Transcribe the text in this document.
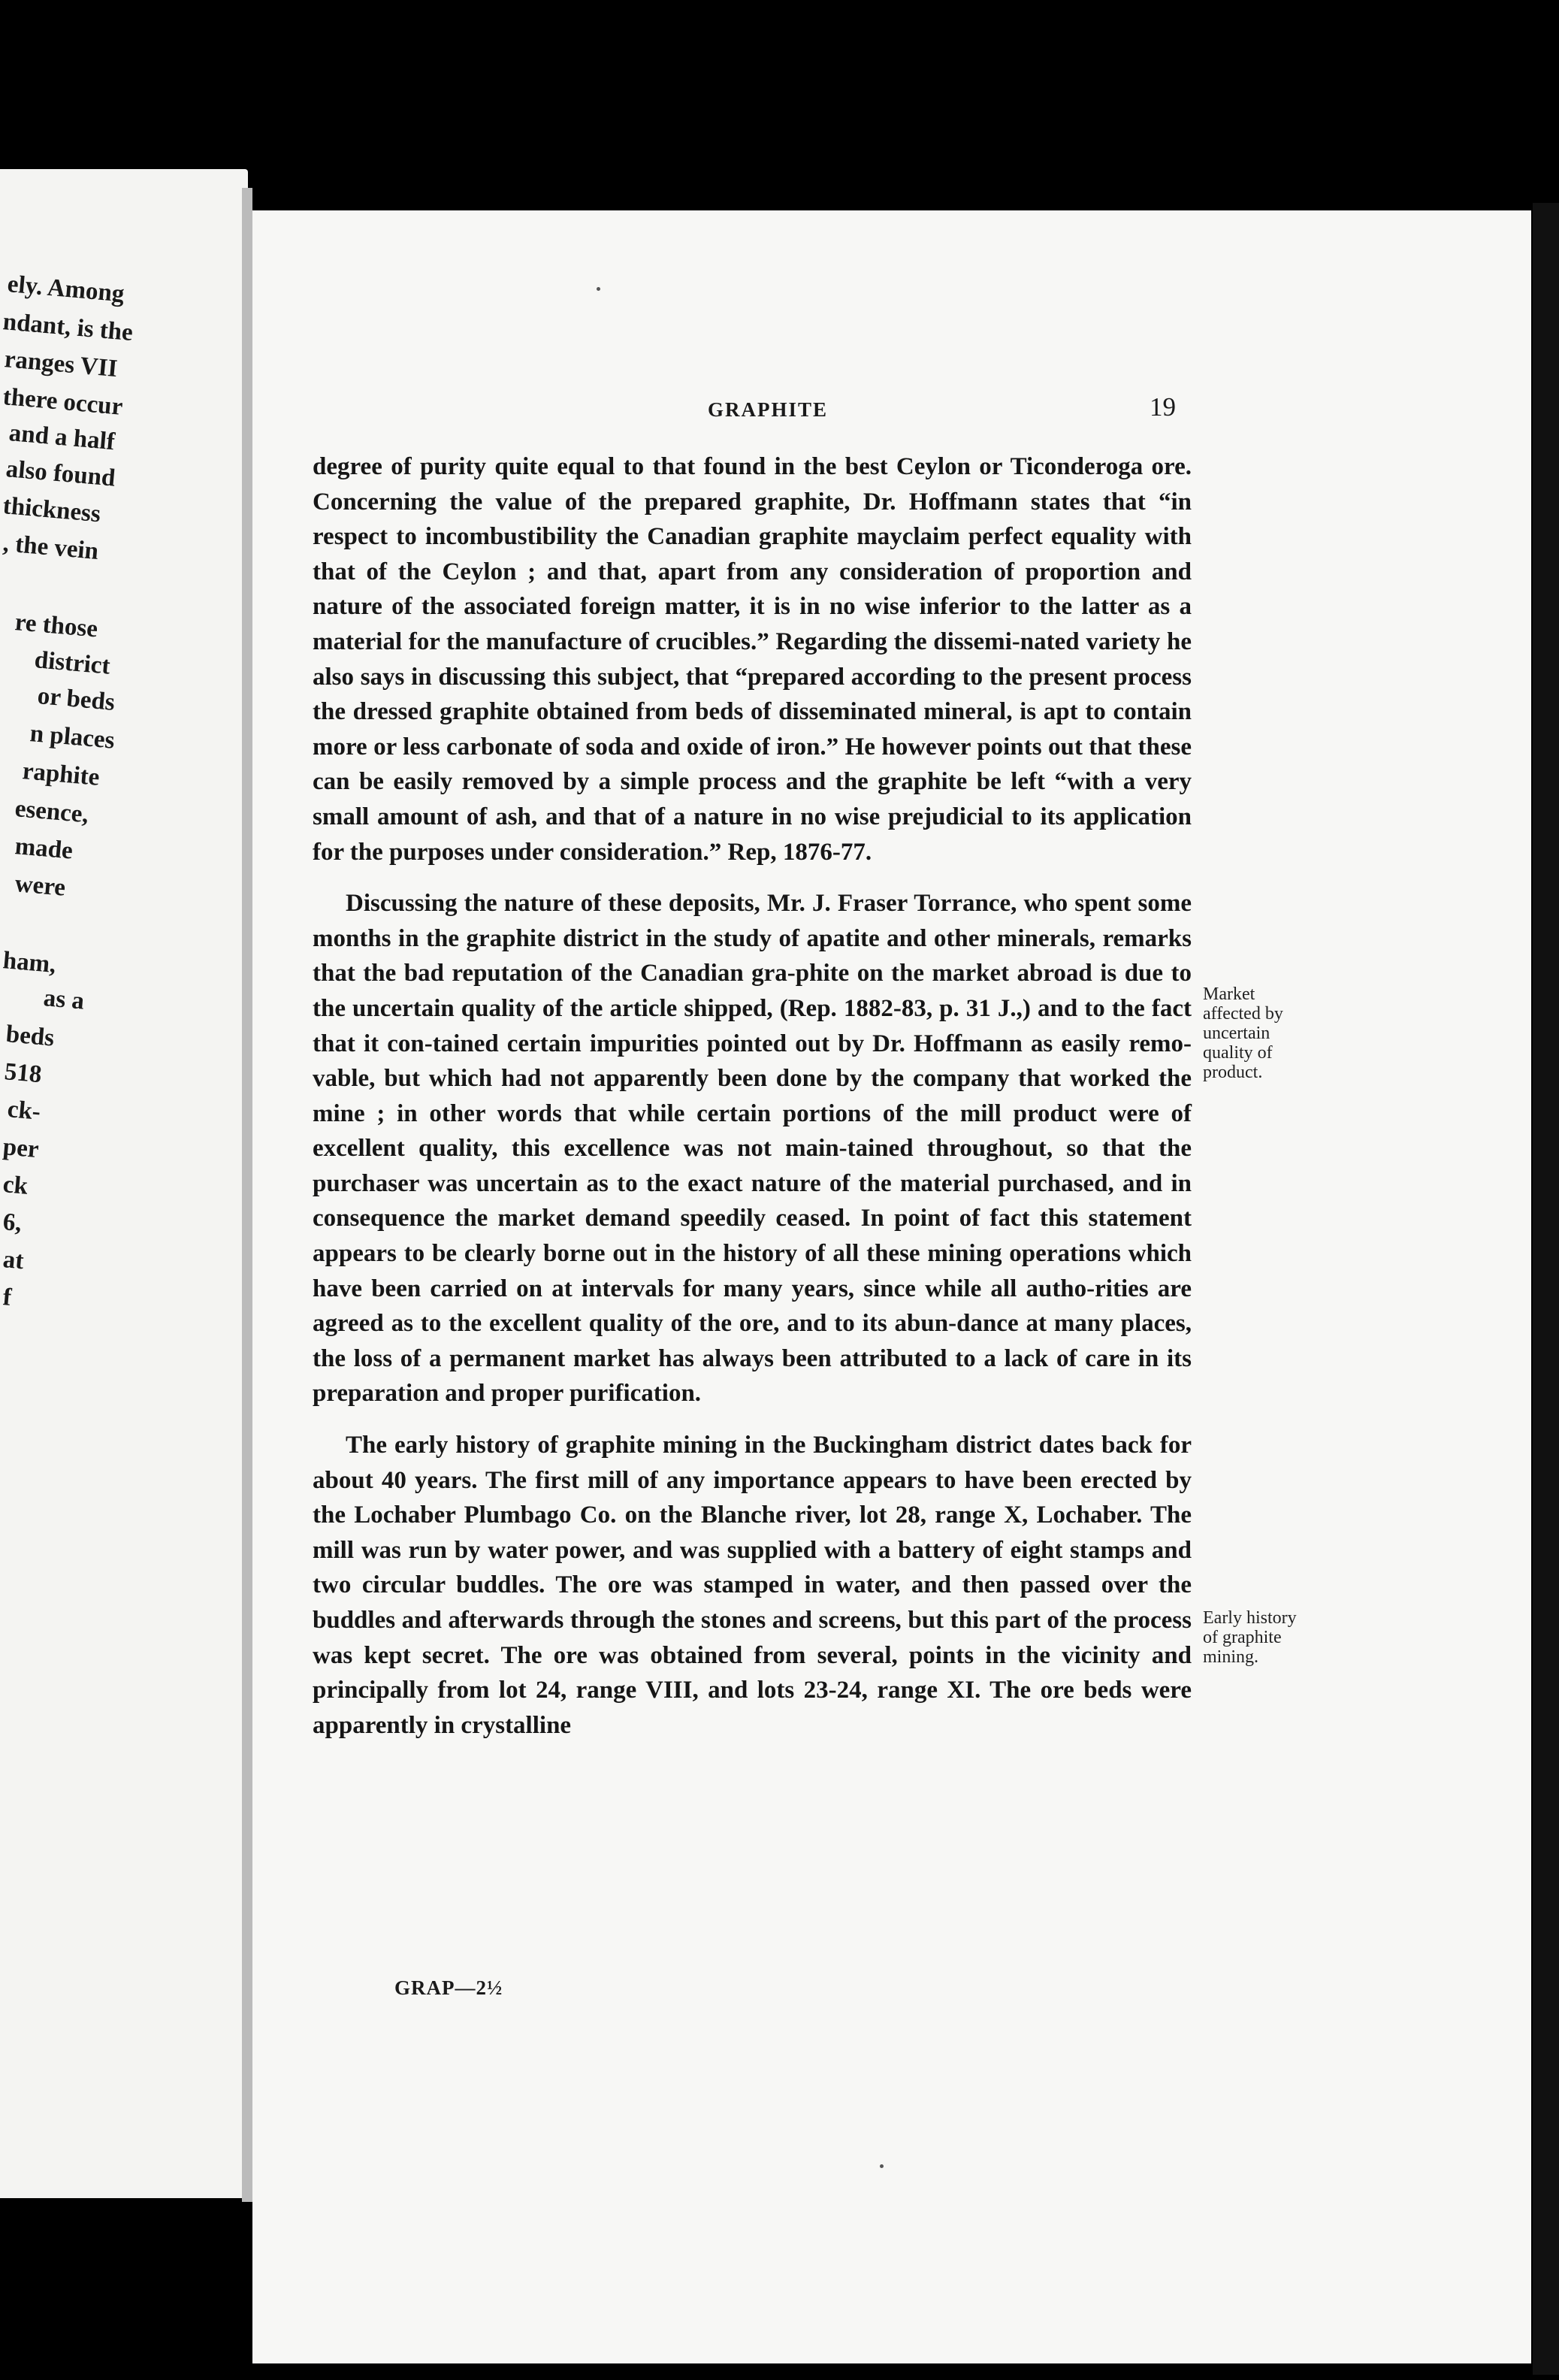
ely. Among
ndant, is the
ranges VII
there occur
and a half
also found
thickness
, the vein
re those
district
or beds
n places
raphite
esence,
made
were
ham,
as a
beds
518
ck-
per
ck
6,
at
f
GRAPHITE	19

degree of purity quite equal to that found in the best Ceylon or Ticonderoga ore. Concerning the value of the prepared graphite, Dr. Hoffmann states that “in respect to incombustibility the Canadian graphite mayclaim perfect equality with that of the Ceylon ; and that, apart from any consideration of proportion and nature of the associated foreign matter, it is in no wise inferior to the latter as a material for the manufacture of crucibles.” Regarding the dissemi-nated variety he also says in discussing this subject, that “prepared according to the present process the dressed graphite obtained from beds of disseminated mineral, is apt to contain more or less carbonate of soda and oxide of iron.” He however points out that these can be easily removed by a simple process and the graphite be left “with a very small amount of ash, and that of a nature in no wise prejudicial to its application for the purposes under consideration.” Rep, 1876-77.

Discussing the nature of these deposits, Mr. J. Fraser Torrance, who spent some months in the graphite district in the study of apatite and other minerals, remarks that the bad reputation of the Canadian gra-phite on the market abroad is due to the uncertain quality of the article shipped, (Rep. 1882-83, p. 31 J.,) and to the fact that it con-tained certain impurities pointed out by Dr. Hoffmann as easily remo-vable, but which had not apparently been done by the company that worked the mine ; in other words that while certain portions of the mill product were of excellent quality, this excellence was not main-tained throughout, so that the purchaser was uncertain as to the exact nature of the material purchased, and in consequence the market demand speedily ceased. In point of fact this statement appears to be clearly borne out in the history of all these mining operations which have been carried on at intervals for many years, since while all autho-rities are agreed as to the excellent quality of the ore, and to its abun-dance at many places, the loss of a permanent market has always been attributed to a lack of care in its preparation and proper purification.

The early history of graphite mining in the Buckingham district dates back for about 40 years. The first mill of any importance appears to have been erected by the Lochaber Plumbago Co. on the Blanche river, lot 28, range X, Lochaber. The mill was run by water power, and was supplied with a battery of eight stamps and two circular buddles. The ore was stamped in water, and then passed over the buddles and afterwards through the stones and screens, but this part of the process was kept secret. The ore was obtained from several, points in the vicinity and principally from lot 24, range VIII, and lots 23-24, range XI. The ore beds were apparently in crystalline

Market
affected by
uncertain
quality of
product.
Early history
of graphite
mining.
GRAP—2½
